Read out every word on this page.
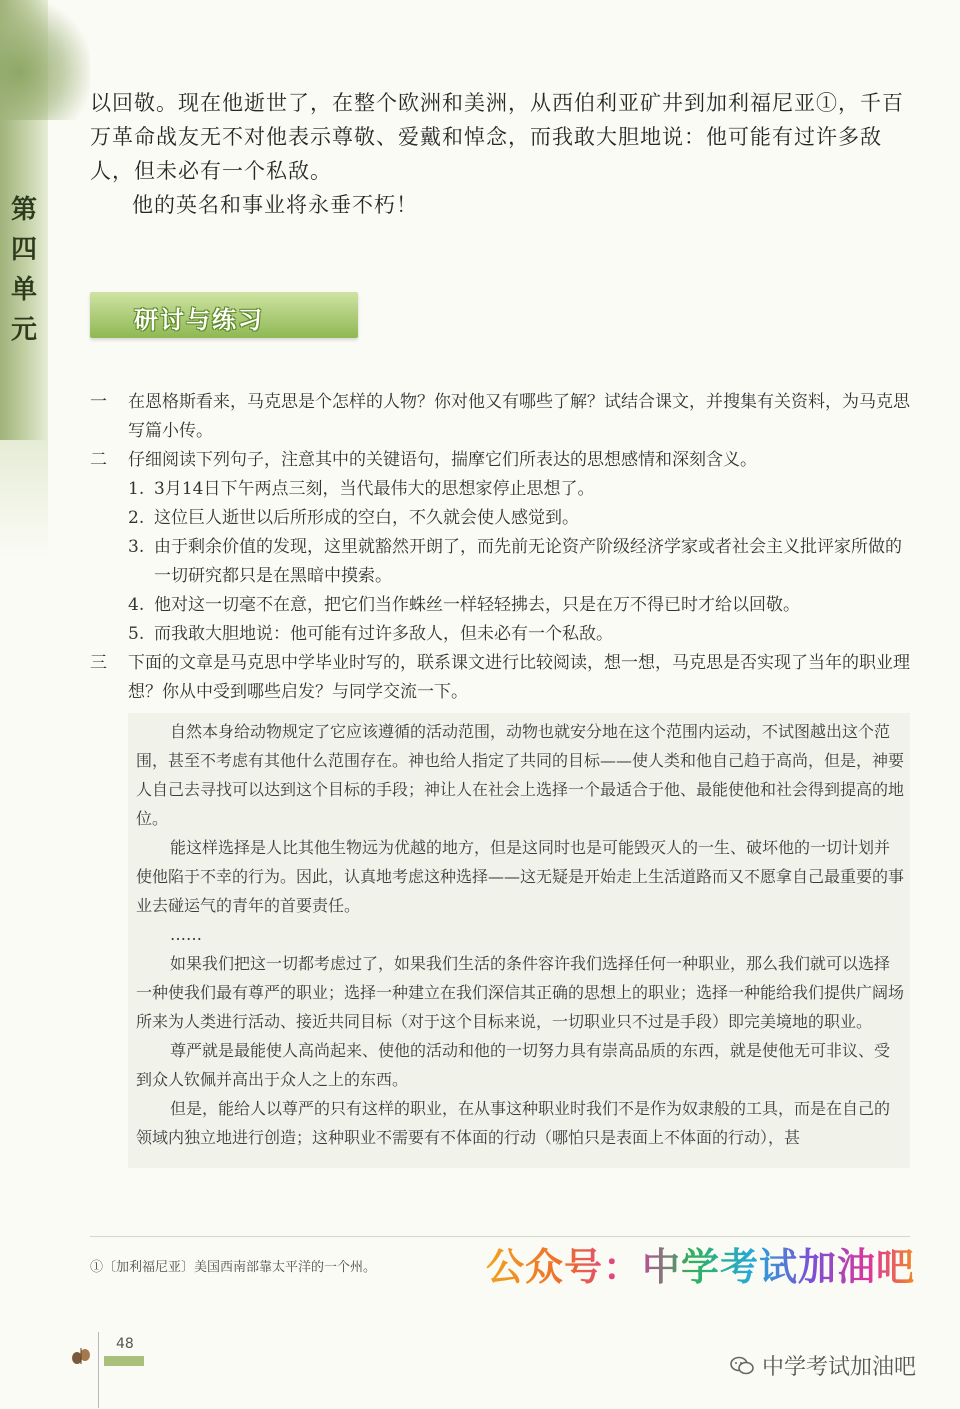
第
四
单
元

以回敬。现在他逝世了，在整个欧洲和美洲，从西伯利亚矿井到加利福尼亚①，千百万革命战友无不对他表示尊敬、爱戴和悼念，而我敢大胆地说：他可能有过许多敌人，但未必有一个私敌。

他的英名和事业将永垂不朽！

研讨与练习
一 在恩格斯看来，马克思是个怎样的人物？你对他又有哪些了解？试结合课文，并搜集有关资料，为马克思写篇小传。
二 仔细阅读下列句子，注意其中的关键语句，揣摩它们所表达的思想感情和深刻含义。
1. 3月14日下午两点三刻，当代最伟大的思想家停止思想了。
2. 这位巨人逝世以后所形成的空白，不久就会使人感觉到。
3. 由于剩余价值的发现，这里就豁然开朗了，而先前无论资产阶级经济学家或者社会主义批评家所做的一切研究都只是在黑暗中摸索。
4. 他对这一切毫不在意，把它们当作蛛丝一样轻轻拂去，只是在万不得已时才给以回敬。
5. 而我敢大胆地说：他可能有过许多敌人，但未必有一个私敌。
三 下面的文章是马克思中学毕业时写的，联系课文进行比较阅读，想一想，马克思是否实现了当年的职业理想？你从中受到哪些启发？与同学交流一下。

自然本身给动物规定了它应该遵循的活动范围，动物也就安分地在这个范围内运动，不试图越出这个范围，甚至不考虑有其他什么范围存在。神也给人指定了共同的目标——使人类和他自己趋于高尚，但是，神要人自己去寻找可以达到这个目标的手段；神让人在社会上选择一个最适合于他、最能使他和社会得到提高的地位。

能这样选择是人比其他生物远为优越的地方，但是这同时也是可能毁灭人的一生、破坏他的一切计划并使他陷于不幸的行为。因此，认真地考虑这种选择——这无疑是开始走上生活道路而又不愿拿自己最重要的事业去碰运气的青年的首要责任。

……

如果我们把这一切都考虑过了，如果我们生活的条件容许我们选择任何一种职业，那么我们就可以选择一种使我们最有尊严的职业；选择一种建立在我们深信其正确的思想上的职业；选择一种能给我们提供广阔场所来为人类进行活动、接近共同目标（对于这个目标来说，一切职业只不过是手段）即完美境地的职业。

尊严就是最能使人高尚起来、使他的活动和他的一切努力具有崇高品质的东西，就是使他无可非议、受到众人钦佩并高出于众人之上的东西。

但是，能给人以尊严的只有这样的职业，在从事这种职业时我们不是作为奴隶般的工具，而是在自己的领域内独立地进行创造；这种职业不需要有不体面的行动（哪怕只是表面上不体面的行动），甚

①〔加利福尼亚〕美国西南部靠太平洋的一个州。	公众号：中学考试加油吧
48
中学考试加油吧
